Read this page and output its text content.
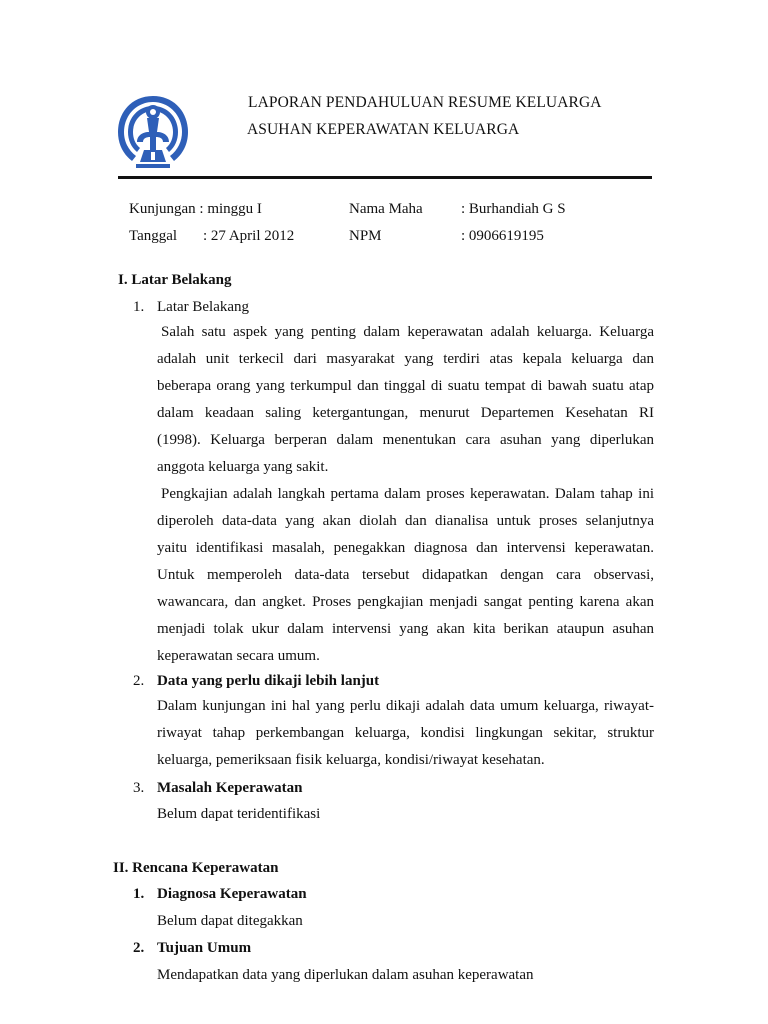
LAPORAN PENDAHULUAN RESUME KELUARGA
ASUHAN KEPERAWATAN KELUARGA
Kunjungan : minggu I	Nama Maha	: Burhandiah G S
Tanggal : 27 April 2012	NPM	: 0906619195
I. Latar Belakang
1. Latar Belakang
Salah satu aspek yang penting dalam keperawatan adalah keluarga. Keluarga
adalah unit terkecil dari masyarakat yang terdiri atas kepala keluarga dan
beberapa orang yang terkumpul dan tinggal di suatu tempat di bawah suatu atap
dalam keadaan saling ketergantungan, menurut Departemen Kesehatan RI
(1998). Keluarga berperan dalam menentukan cara asuhan yang diperlukan
anggota keluarga yang sakit.
Pengkajian adalah langkah pertama dalam proses keperawatan. Dalam tahap ini
diperoleh data-data yang akan diolah dan dianalisa untuk proses selanjutnya
yaitu identifikasi masalah, penegakkan diagnosa dan intervensi keperawatan.
Untuk memperoleh data-data tersebut didapatkan dengan cara observasi,
wawancara, dan angket. Proses pengkajian menjadi sangat penting karena akan
menjadi tolak ukur dalam intervensi yang akan kita berikan ataupun asuhan
keperawatan secara umum.
2. Data yang perlu dikaji lebih lanjut
Dalam kunjungan ini hal yang perlu dikaji adalah data umum keluarga, riwayat-
riwayat tahap perkembangan keluarga, kondisi lingkungan sekitar, struktur
keluarga, pemeriksaan fisik keluarga, kondisi/riwayat kesehatan.
3. Masalah Keperawatan
Belum dapat teridentifikasi
II. Rencana Keperawatan
1. Diagnosa Keperawatan
Belum dapat ditegakkan
2. Tujuan Umum
Mendapatkan data yang diperlukan dalam asuhan keperawatan
